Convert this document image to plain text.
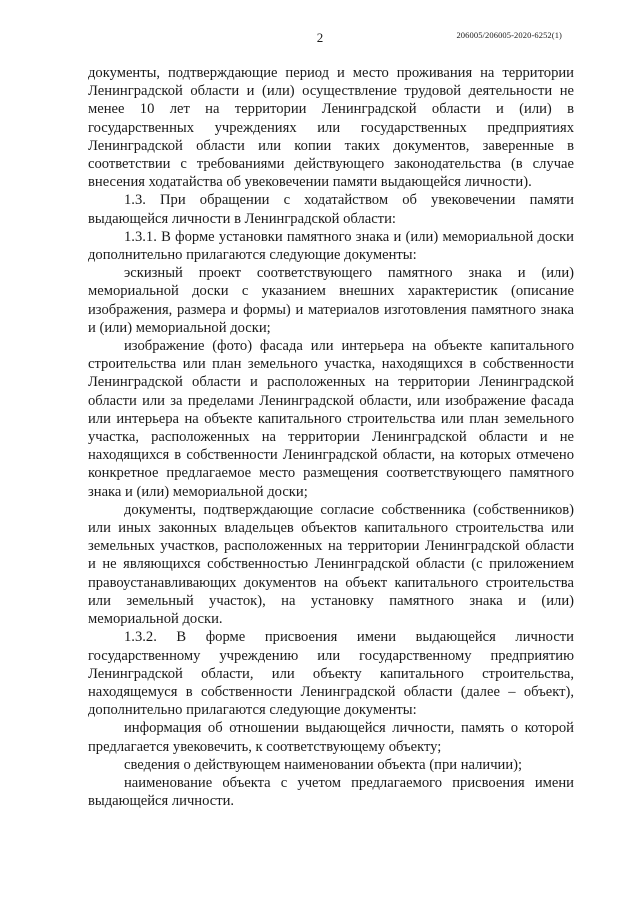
2	206005/206005-2020-6252(1)

документы, подтверждающие период и место проживания на территории Ленинградской области и (или) осуществление трудовой деятельности не менее 10 лет на территории Ленинградской области и (или) в государственных учреждениях или государственных предприятиях Ленинградской области или копии таких документов, заверенные в соответствии с требованиями действующего законодательства (в случае внесения ходатайства об увековечении памяти выдающейся личности).

1.3. При обращении с ходатайством об увековечении памяти выдающейся личности в Ленинградской области:

1.3.1. В форме установки памятного знака и (или) мемориальной доски дополнительно прилагаются следующие документы:

эскизный проект соответствующего памятного знака и (или) мемориальной доски с указанием внешних характеристик (описание изображения, размера и формы) и материалов изготовления памятного знака и (или) мемориальной доски;

изображение (фото) фасада или интерьера на объекте капитального строительства или план земельного участка, находящихся в собственности Ленинградской области и расположенных на территории Ленинградской области или за пределами Ленинградской области, или изображение фасада или интерьера на объекте капитального строительства или план земельного участка, расположенных на территории Ленинградской области и не находящихся в собственности Ленинградской области, на которых отмечено конкретное предлагаемое место размещения соответствующего памятного знака и (или) мемориальной доски;

документы, подтверждающие согласие собственника (собственников) или иных законных владельцев объектов капитального строительства или земельных участков, расположенных на территории Ленинградской области и не являющихся собственностью Ленинградской области (с приложением правоустанавливающих документов на объект капитального строительства или земельный участок), на установку памятного знака и (или) мемориальной доски.

1.3.2. В форме присвоения имени выдающейся личности государственному учреждению или государственному предприятию Ленинградской области, или объекту капитального строительства, находящемуся в собственности Ленинградской области (далее – объект), дополнительно прилагаются следующие документы:

информация об отношении выдающейся личности, память о которой предлагается увековечить, к соответствующему объекту;

сведения о действующем наименовании объекта (при наличии);

наименование объекта с учетом предлагаемого присвоения имени выдающейся личности.
